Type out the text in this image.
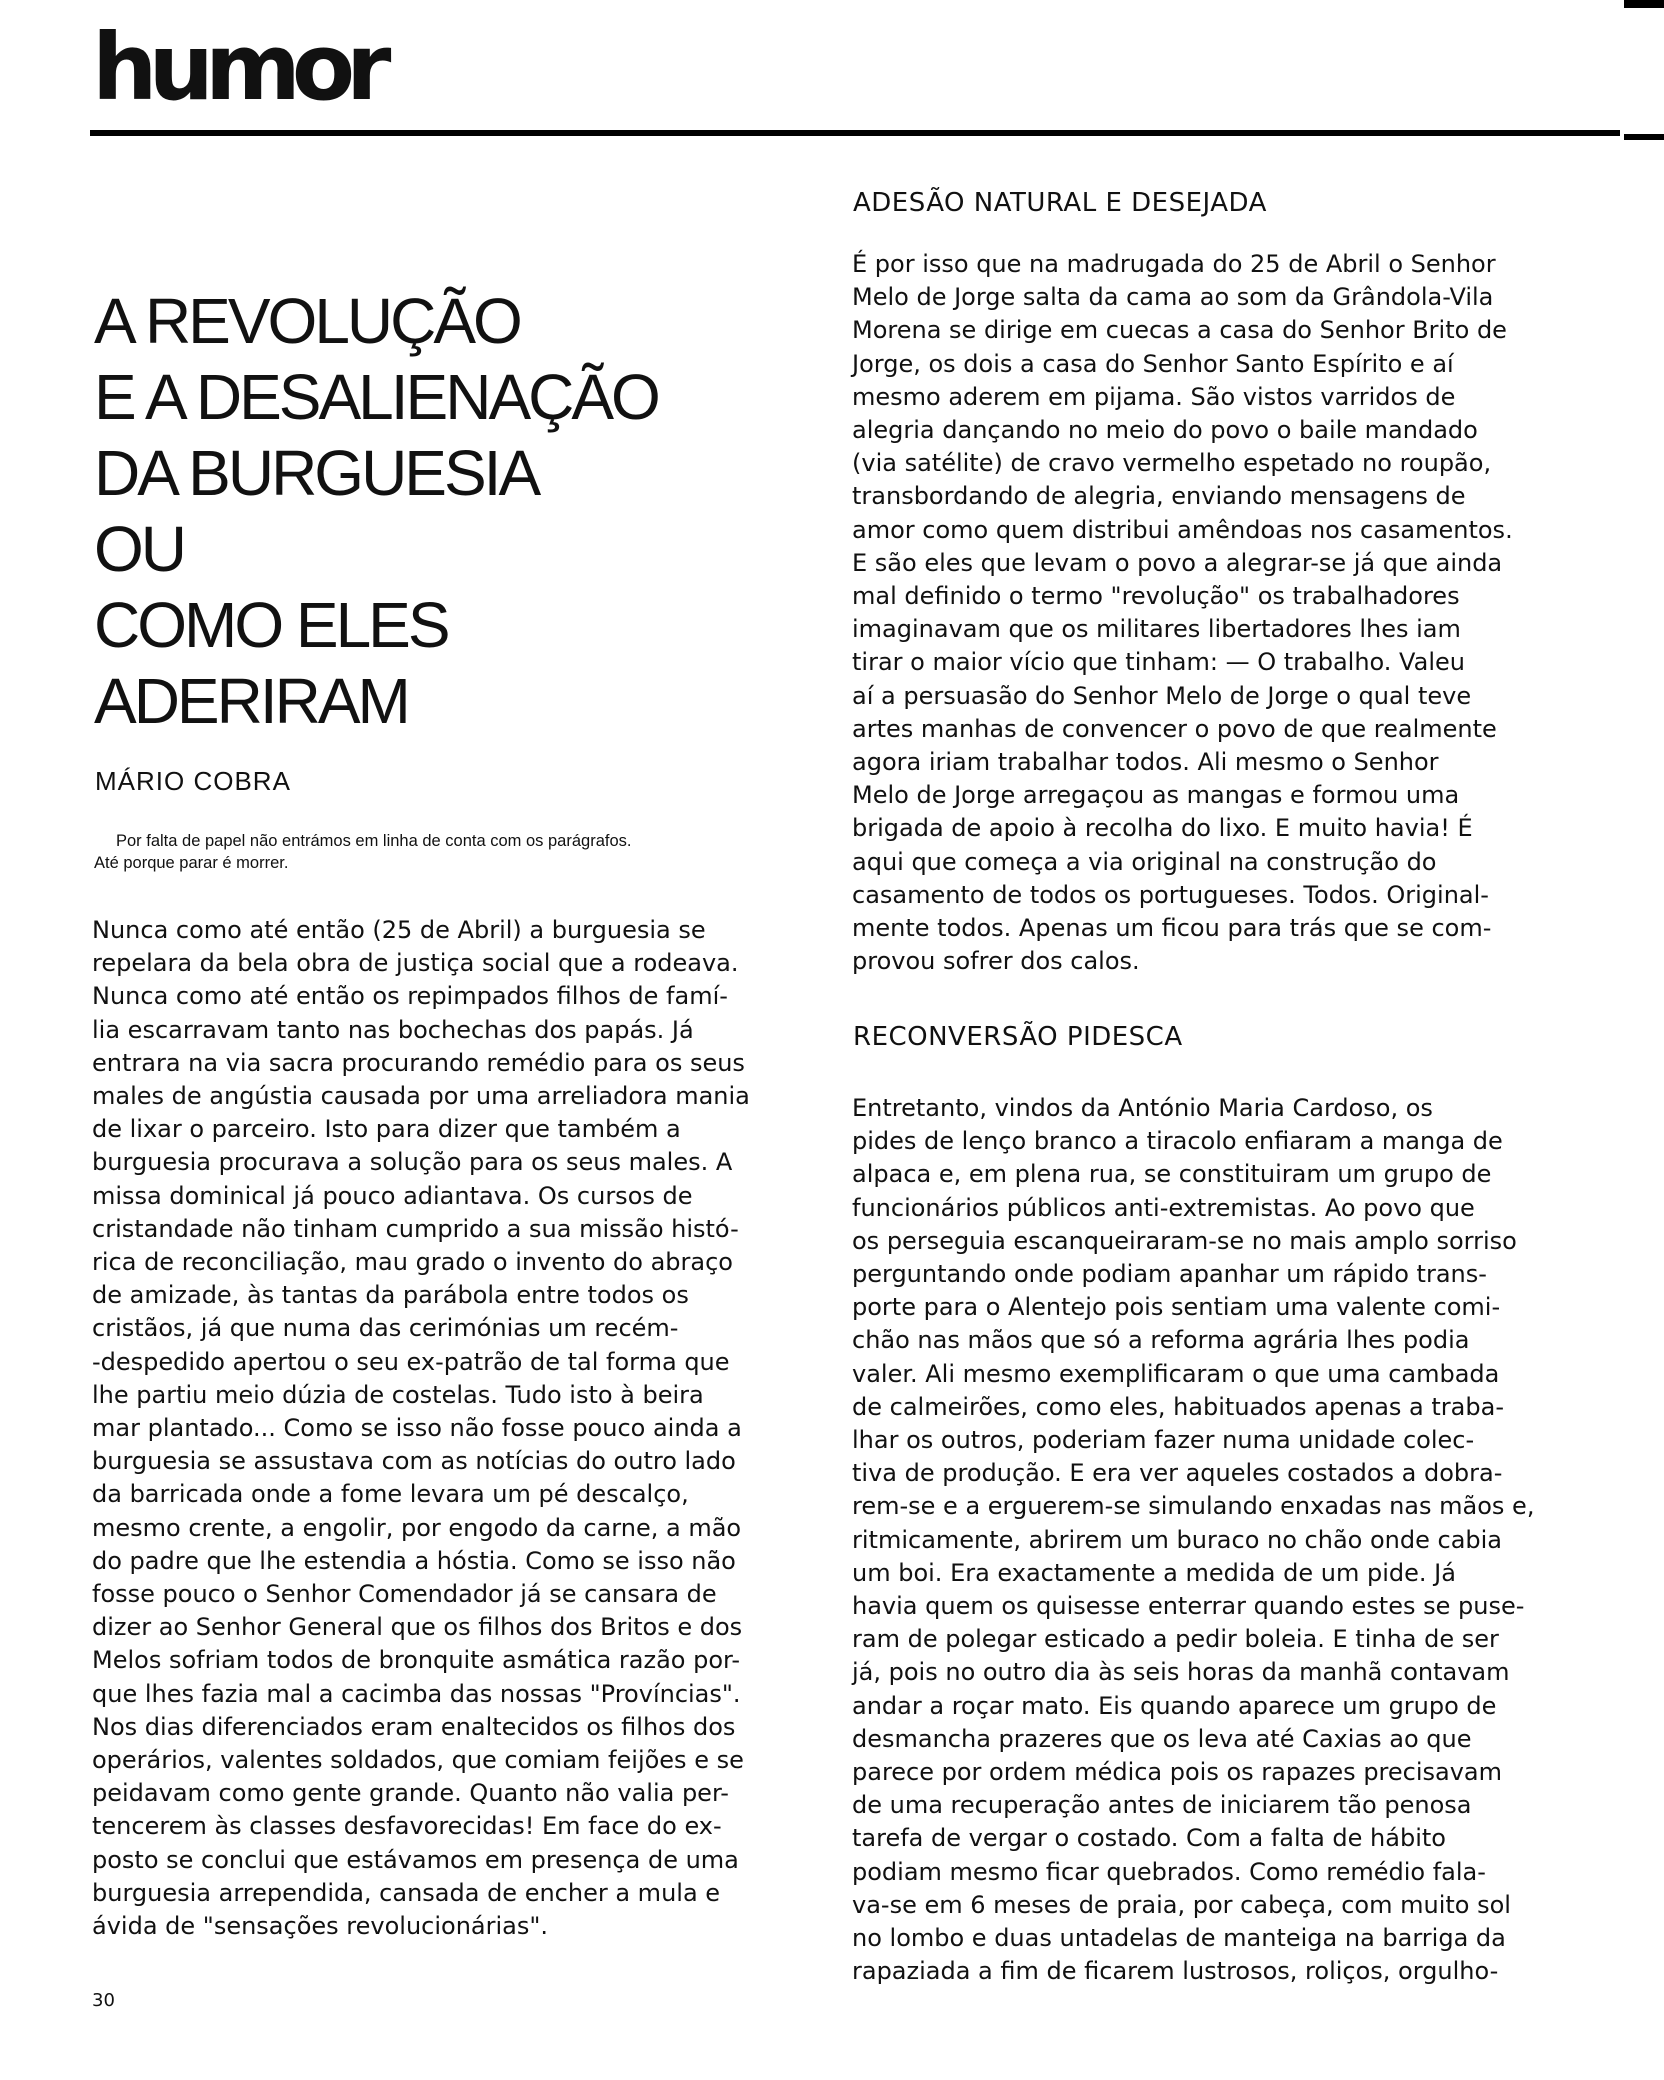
humor
A REVOLUÇÃO
E A DESALIENAÇÃO
DA BURGUESIA
OU
COMO ELES
ADERIRAM
MÁRIO COBRA
Por falta de papel não entrámos em linha de conta com os parágrafos.
Até porque parar é morrer.
Nunca como até então (25 de Abril) a burguesia se
repelara da bela obra de justiça social que a rodeava.
Nunca como até então os repimpados filhos de famí-
lia escarravam tanto nas bochechas dos papás. Já
entrara na via sacra procurando remédio para os seus
males de angústia causada por uma arreliadora mania
de lixar o parceiro. Isto para dizer que também a
burguesia procurava a solução para os seus males. A
missa dominical já pouco adiantava. Os cursos de
cristandade não tinham cumprido a sua missão histó-
rica de reconciliação, mau grado o invento do abraço
de amizade, às tantas da parábola entre todos os
cristãos, já que numa das cerimónias um recém-
-despedido apertou o seu ex-patrão de tal forma que
lhe partiu meio dúzia de costelas. Tudo isto à beira
mar plantado... Como se isso não fosse pouco ainda a
burguesia se assustava com as notícias do outro lado
da barricada onde a fome levara um pé descalço,
mesmo crente, a engolir, por engodo da carne, a mão
do padre que lhe estendia a hóstia. Como se isso não
fosse pouco o Senhor Comendador já se cansara de
dizer ao Senhor General que os filhos dos Britos e dos
Melos sofriam todos de bronquite asmática razão por-
que lhes fazia mal a cacimba das nossas "Províncias".
Nos dias diferenciados eram enaltecidos os filhos dos
operários, valentes soldados, que comiam feijões e se
peidavam como gente grande. Quanto não valia per-
tencerem às classes desfavorecidas! Em face do ex-
posto se conclui que estávamos em presença de uma
burguesia arrependida, cansada de encher a mula e
ávida de "sensações revolucionárias".
ADESÃO NATURAL E DESEJADA
É por isso que na madrugada do 25 de Abril o Senhor
Melo de Jorge salta da cama ao som da Grândola-Vila
Morena se dirige em cuecas a casa do Senhor Brito de
Jorge, os dois a casa do Senhor Santo Espírito e aí
mesmo aderem em pijama. São vistos varridos de
alegria dançando no meio do povo o baile mandado
(via satélite) de cravo vermelho espetado no roupão,
transbordando de alegria, enviando mensagens de
amor como quem distribui amêndoas nos casamentos.
E são eles que levam o povo a alegrar-se já que ainda
mal definido o termo "revolução" os trabalhadores
imaginavam que os militares libertadores lhes iam
tirar o maior vício que tinham: — O trabalho. Valeu
aí a persuasão do Senhor Melo de Jorge o qual teve
artes manhas de convencer o povo de que realmente
agora iriam trabalhar todos. Ali mesmo o Senhor
Melo de Jorge arregaçou as mangas e formou uma
brigada de apoio à recolha do lixo. E muito havia! É
aqui que começa a via original na construção do
casamento de todos os portugueses. Todos. Original-
mente todos. Apenas um ficou para trás que se com-
provou sofrer dos calos.
RECONVERSÃO PIDESCA
Entretanto, vindos da António Maria Cardoso, os
pides de lenço branco a tiracolo enfiaram a manga de
alpaca e, em plena rua, se constituiram um grupo de
funcionários públicos anti-extremistas. Ao povo que
os perseguia escanqueiraram-se no mais amplo sorriso
perguntando onde podiam apanhar um rápido trans-
porte para o Alentejo pois sentiam uma valente comi-
chão nas mãos que só a reforma agrária lhes podia
valer. Ali mesmo exemplificaram o que uma cambada
de calmeirões, como eles, habituados apenas a traba-
lhar os outros, poderiam fazer numa unidade colec-
tiva de produção. E era ver aqueles costados a dobra-
rem-se e a erguerem-se simulando enxadas nas mãos e,
ritmicamente, abrirem um buraco no chão onde cabia
um boi. Era exactamente a medida de um pide. Já
havia quem os quisesse enterrar quando estes se puse-
ram de polegar esticado a pedir boleia. E tinha de ser
já, pois no outro dia às seis horas da manhã contavam
andar a roçar mato. Eis quando aparece um grupo de
desmancha prazeres que os leva até Caxias ao que
parece por ordem médica pois os rapazes precisavam
de uma recuperação antes de iniciarem tão penosa
tarefa de vergar o costado. Com a falta de hábito
podiam mesmo ficar quebrados. Como remédio fala-
va-se em 6 meses de praia, por cabeça, com muito sol
no lombo e duas untadelas de manteiga na barriga da
rapaziada a fim de ficarem lustrosos, roliços, orgulho-
30
